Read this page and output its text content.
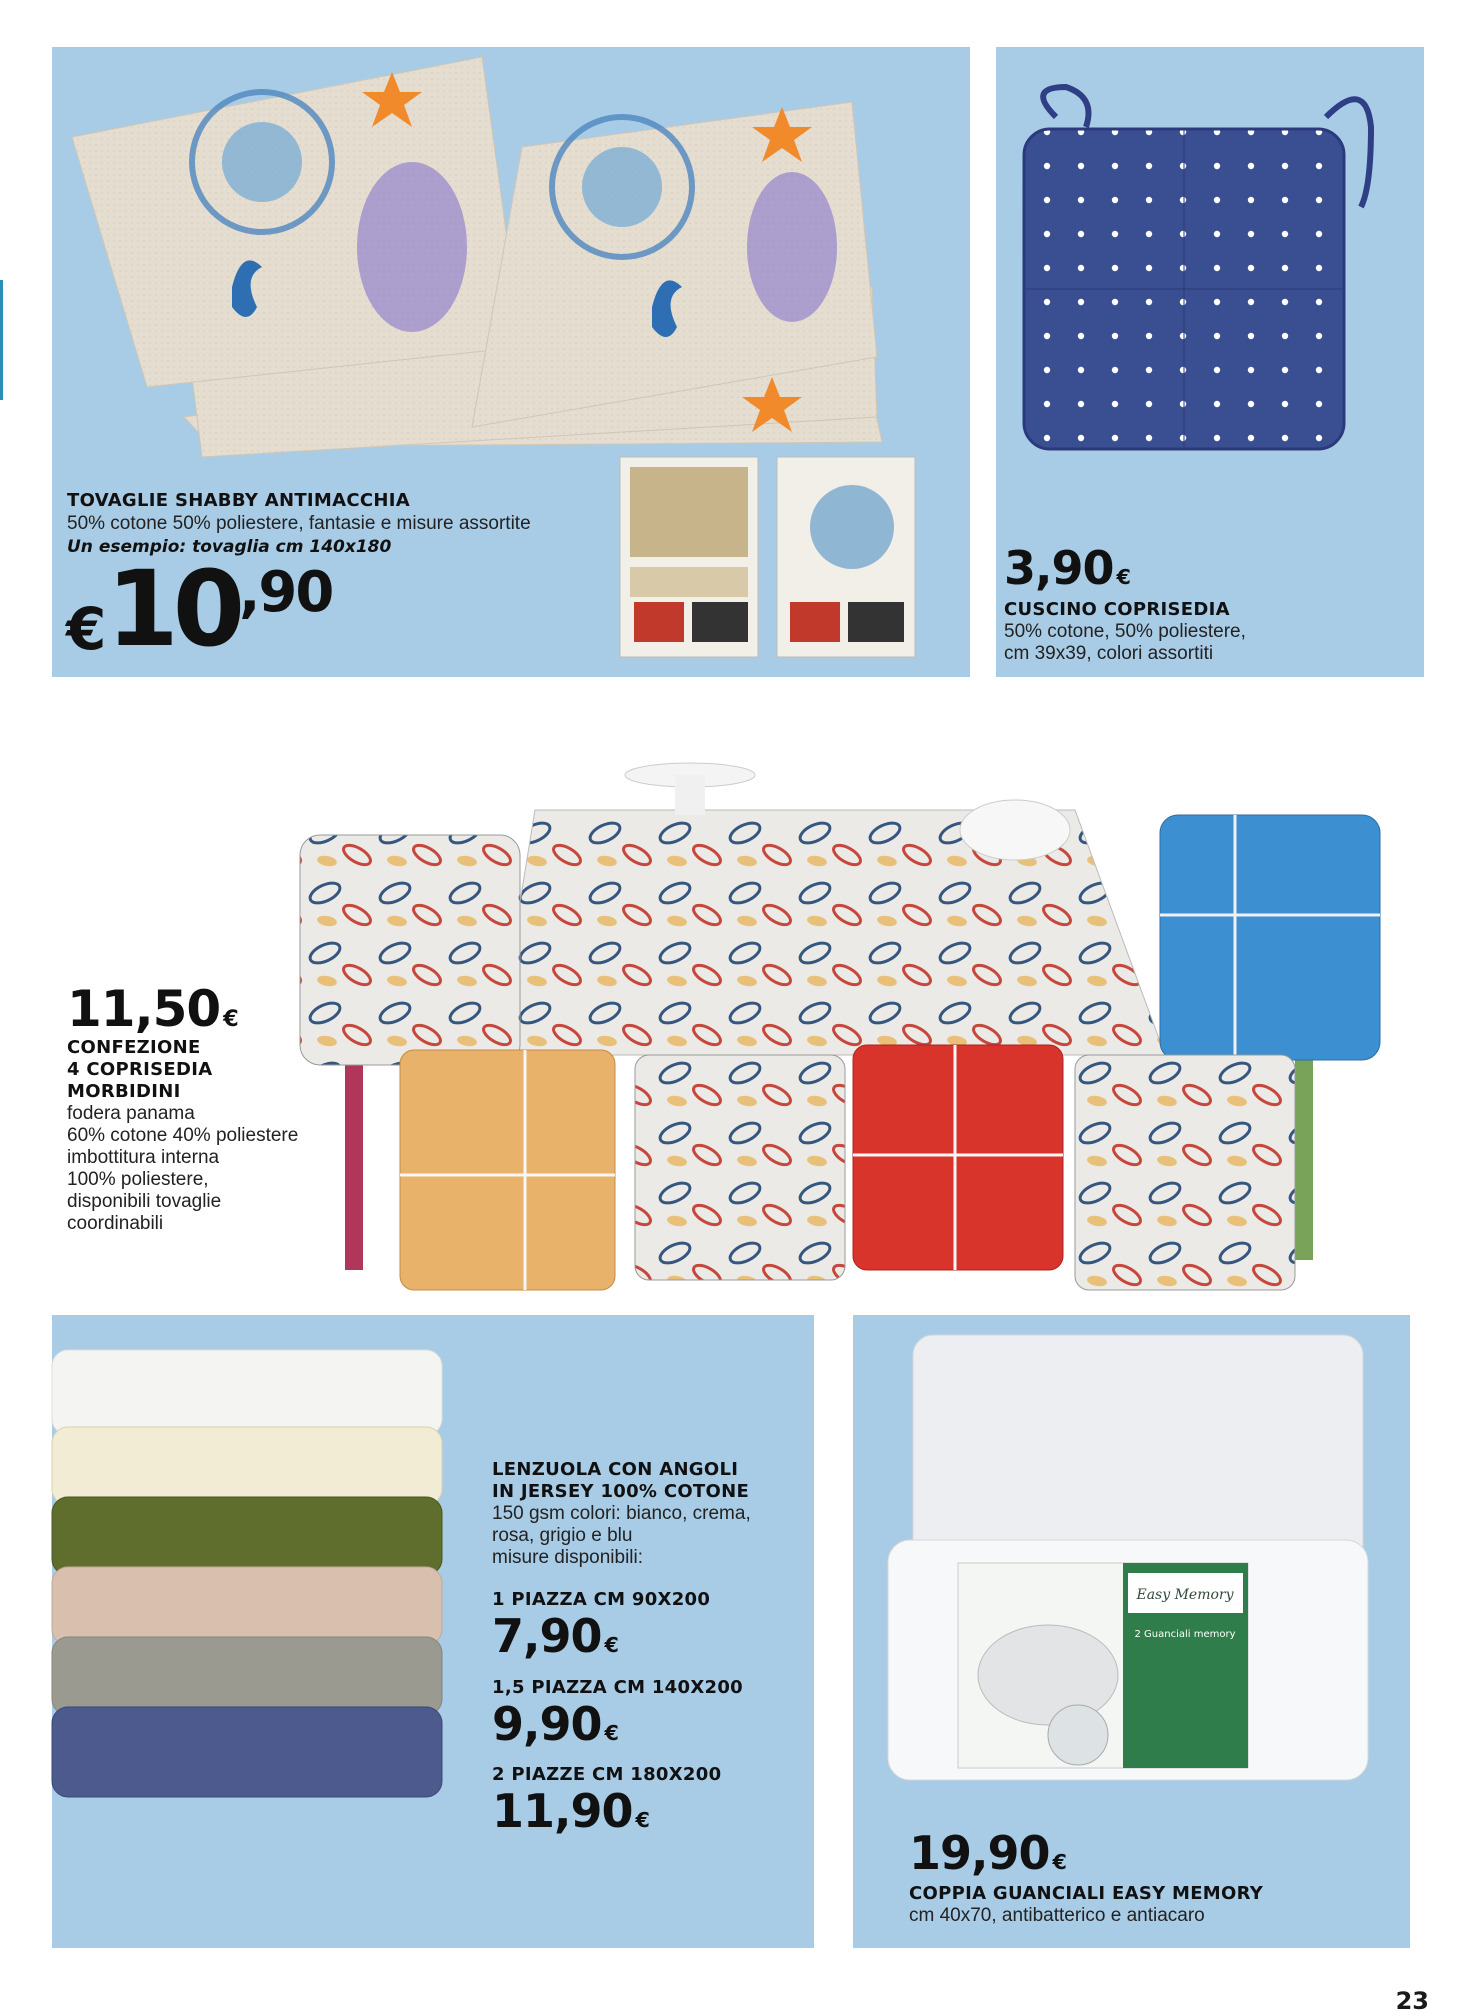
TOVAGLIE SHABBY ANTIMACCHIA
50% cotone 50% poliestere, fantasie e misure assortite
Un esempio: tovaglia cm 140x180
€ 10 ,90	3,90 €
CUSCINO COPRISEDIA
50% cotone, 50% poliestere,
cm 39x39, colori assortiti
11,50 €
CONFEZIONE
4 COPRISEDIA
MORBIDINI
fodera panama
60% cotone 40% poliestere
imbottitura interna
100% poliestere,
disponibili tovaglie
coordinabili
LENZUOLA CON ANGOLI
IN JERSEY 100% COTONE
150 gsm colori: bianco, crema,
rosa, grigio e blu
misure disponibili:
1 PIAZZA CM 90X200
7,90 €
1,5 PIAZZA CM 140X200
9,90 €
2 PIAZZE CM 180X200
11,90 €
Easy Memory
2 Guanciali memory
19,90 €
COPPIA GUANCIALI EASY MEMORY
cm 40x70, antibatterico e antiacaro
23
